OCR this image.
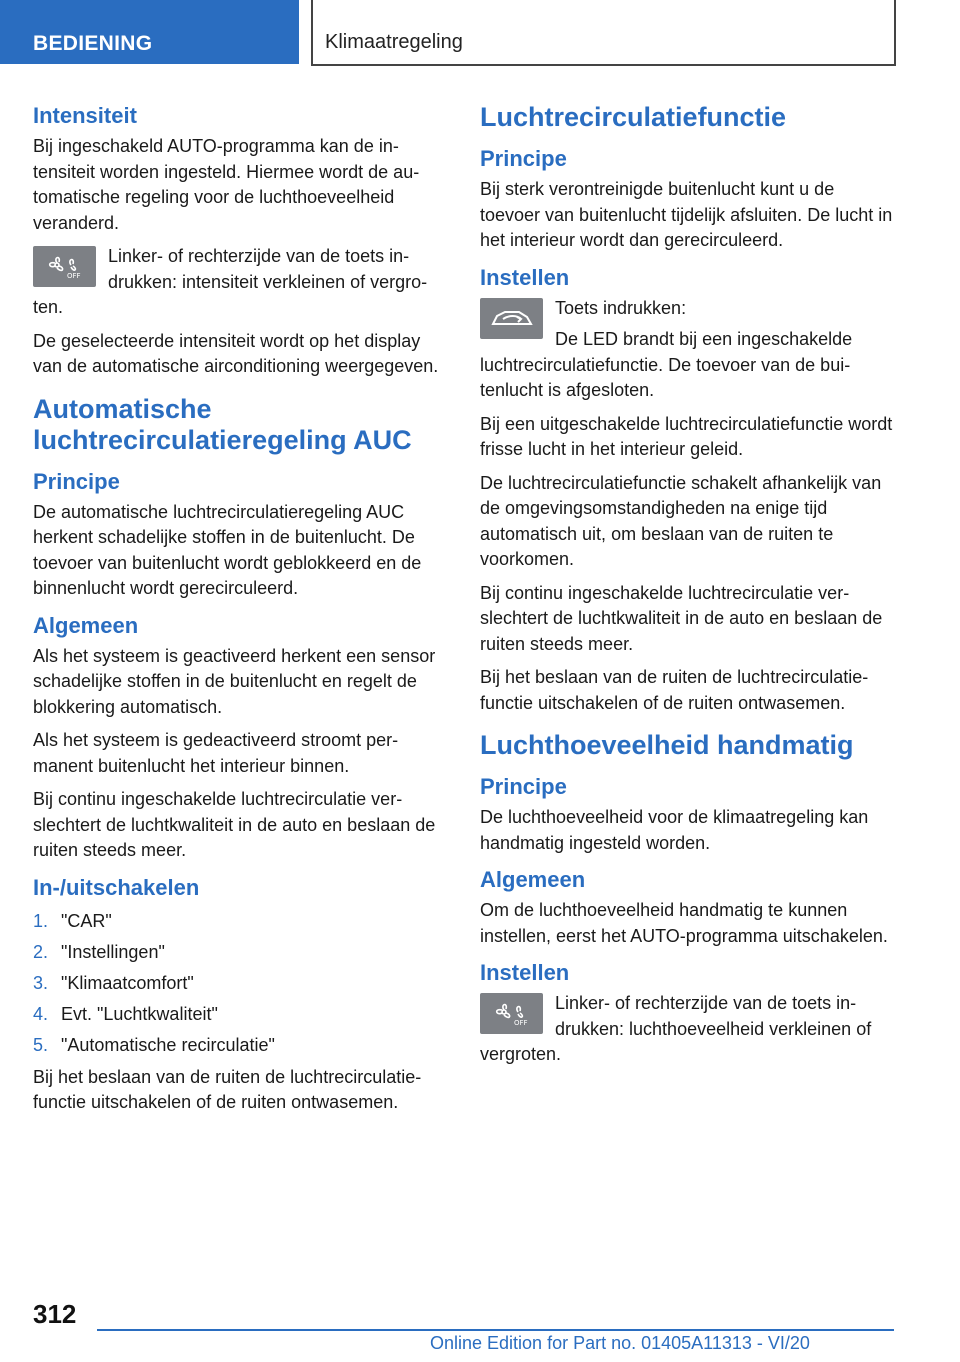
BEDIENING	Klimaatregeling
Intensiteit

Bij ingeschakeld AUTO-programma kan de intensiteit worden ingesteld. Hiermee wordt de automatische regeling voor de luchthoeveelheid veranderd.

OFF
Linker- of rechterzijde van de toets indrukken: intensiteit verkleinen of vergroten.

De geselecteerde intensiteit wordt op het display van de automatische airconditioning weergegeven.

Automatische luchtrecirculatieregeling AUC
Principe

De automatische luchtrecirculatieregeling AUC herkent schadelijke stoffen in de buitenlucht. De toevoer van buitenlucht wordt geblokkeerd en de binnenlucht wordt gerecirculeerd.

Algemeen

Als het systeem is geactiveerd herkent een sensor schadelijke stoffen in de buitenlucht en regelt de blokkering automatisch.

Als het systeem is gedeactiveerd stroomt permanent buitenlucht het interieur binnen.

Bij continu ingeschakelde luchtrecirculatie verslechtert de luchtkwaliteit in de auto en beslaan de ruiten steeds meer.

In-/uitschakelen
1. "CAR"
2. "Instellingen"
3. "Klimaatcomfort"
4. Evt. "Luchtkwaliteit"
5. "Automatische recirculatie"

Bij het beslaan van de ruiten de luchtrecirculatiefunctie uitschakelen of de ruiten ontwasemen.

Luchtrecirculatiefunctie
Principe

Bij sterk verontreinigde buitenlucht kunt u de toevoer van buitenlucht tijdelijk afsluiten. De lucht in het interieur wordt dan gerecirculeerd.

Instellen
Toets indrukken:
De LED brandt bij een ingeschakelde luchtrecirculatiefunctie. De toevoer van de buitenlucht is afgesloten.

Bij een uitgeschakelde luchtrecirculatiefunctie wordt frisse lucht in het interieur geleid.

De luchtrecirculatiefunctie schakelt afhankelijk van de omgevingsomstandigheden na enige tijd automatisch uit, om beslaan van de ruiten te voorkomen.

Bij continu ingeschakelde luchtrecirculatie verslechtert de luchtkwaliteit in de auto en beslaan de ruiten steeds meer.

Bij het beslaan van de ruiten de luchtrecirculatiefunctie uitschakelen of de ruiten ontwasemen.

Luchthoeveelheid handmatig
Principe

De luchthoeveelheid voor de klimaatregeling kan handmatig ingesteld worden.

Algemeen

Om de luchthoeveelheid handmatig te kunnen instellen, eerst het AUTO-programma uitschakelen.

Instellen
OFF
Linker- of rechterzijde van de toets indrukken: luchthoeveelheid verkleinen of vergroten.
312
Online Edition for Part no. 01405A11313 - VI/20
